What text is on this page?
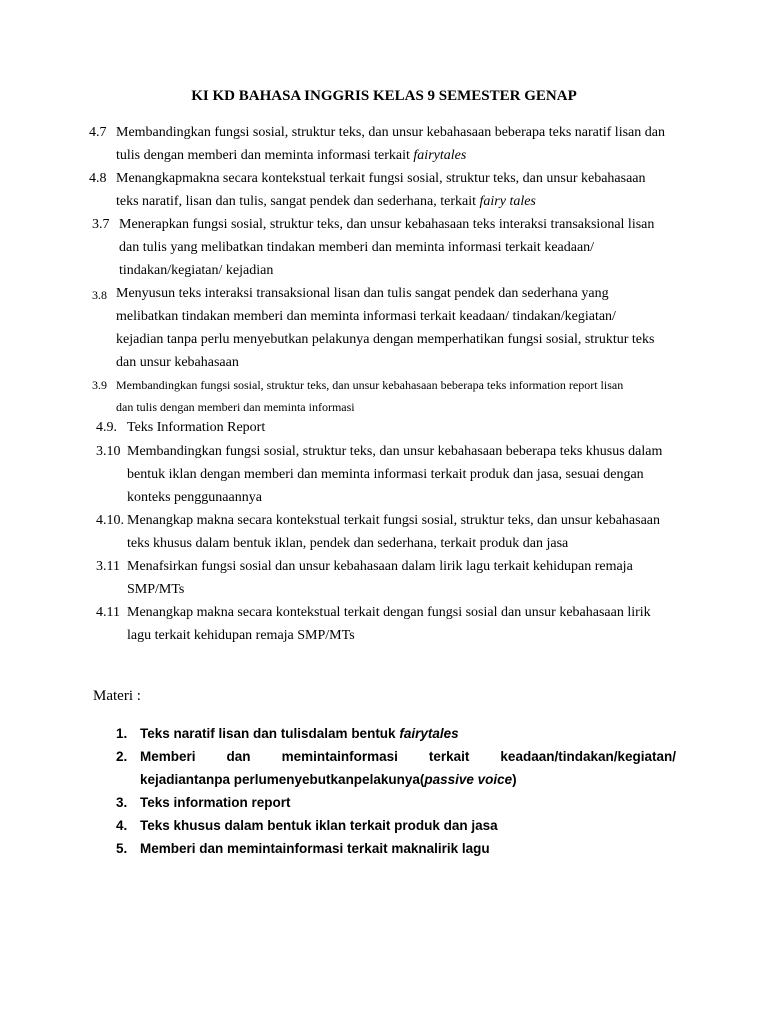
KI KD BAHASA INGGRIS KELAS 9 SEMESTER GENAP
4.7 Membandingkan fungsi sosial, struktur teks, dan unsur kebahasaan beberapa teks naratif lisan dan
tulis dengan memberi dan meminta informasi terkait fairytales
4.8 Menangkapmakna secara kontekstual terkait fungsi sosial, struktur teks, dan unsur kebahasaan
teks naratif, lisan dan tulis, sangat pendek dan sederhana, terkait fairy tales
3.7 Menerapkan fungsi sosial, struktur teks, dan unsur kebahasaan teks interaksi transaksional lisan
dan tulis yang melibatkan tindakan memberi dan meminta informasi terkait keadaan/
tindakan/kegiatan/ kejadian
3.8 Menyusun teks interaksi transaksional lisan dan tulis sangat pendek dan sederhana yang
melibatkan tindakan memberi dan meminta informasi terkait keadaan/ tindakan/kegiatan/
kejadian tanpa perlu menyebutkan pelakunya dengan memperhatikan fungsi sosial, struktur teks
dan unsur kebahasaan
3.9 Membandingkan fungsi sosial, struktur teks, dan unsur kebahasaan beberapa teks information report lisan
dan tulis dengan memberi dan meminta informasi
4.9. Teks Information Report
3.10 Membandingkan fungsi sosial, struktur teks, dan unsur kebahasaan beberapa teks khusus dalam
bentuk iklan dengan memberi dan meminta informasi terkait produk dan jasa, sesuai dengan
konteks penggunaannya
4.10. Menangkap makna secara kontekstual terkait fungsi sosial, struktur teks, dan unsur kebahasaan
teks khusus dalam bentuk iklan, pendek dan sederhana, terkait produk dan jasa
3.11 Menafsirkan fungsi sosial dan unsur kebahasaan dalam lirik lagu terkait kehidupan remaja
SMP/MTs
4.11 Menangkap makna secara kontekstual terkait dengan fungsi sosial dan unsur kebahasaan lirik
lagu terkait kehidupan remaja SMP/MTs
Materi :
1. Teks naratif lisan dan tulisdalam bentuk fairytales
2. Memberi dan memintainformasi terkait keadaan/tindakan/kegiatan/
kejadiantanpa perlumenyebutkanpelakunya(passive voice)
3. Teks information report
4. Teks khusus dalam bentuk iklan terkait produk dan jasa
5. Memberi dan memintainformasi terkait maknalirik lagu
